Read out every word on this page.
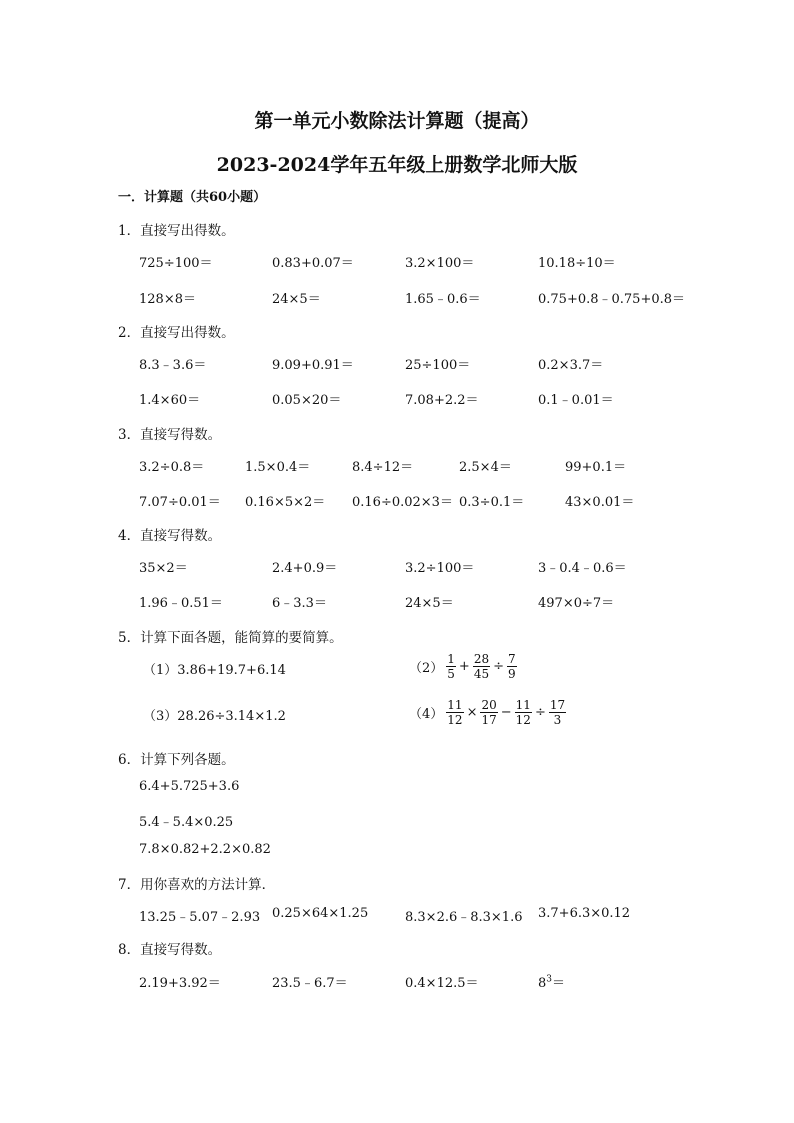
第一单元小数除法计算题（提高）
2023-2024学年五年级上册数学北师大版
一．计算题（共60小题）
1．直接写出得数。
725÷100＝	0.83+0.07＝	3.2×100＝	10.18÷10＝
128×8＝	24×5＝	1.65﹣0.6＝	0.75+0.8﹣0.75+0.8＝
2．直接写出得数。
8.3﹣3.6＝	9.09+0.91＝	25÷100＝	0.2×3.7＝
1.4×60＝	0.05×20＝	7.08+2.2＝	0.1﹣0.01＝
3．直接写得数。
3.2÷0.8＝	1.5×0.4＝	8.4÷12＝	2.5×4＝	99+0.1＝
7.07÷0.01＝ 0.16×5×2＝ 0.16÷0.02×3＝ 0.3÷0.1＝	43×0.01＝
4．直接写得数。
35×2＝	2.4+0.9＝	3.2÷100＝	3﹣0.4﹣0.6＝
1.96﹣0.51＝	6﹣3.3＝	24×5＝	497×0÷7＝
5．计算下面各题，能简算的要简算。
（1）3.86+19.7+6.14	$(2) \frac{1}{5} + \frac{28}{45} \div \frac{7}{9}$
（3）28.26÷3.14×1.2	$(4) \frac{11}{12} \times \frac{20}{17} - \frac{11}{12} \div \frac{17}{3}$
6．计算下列各题。
6.4+5.725+3.6
5.4﹣5.4×0.25
7.8×0.82+2.2×0.82
7．用你喜欢的方法计算．
13.25﹣5.07﹣2.93 0.25×64×1.25	8.3×2.6﹣8.3×1.6 3.7+6.3×0.12
8．直接写得数。
2.19+3.92＝	23.5﹣6.7＝	0.4×12.5＝	$8^3=$
